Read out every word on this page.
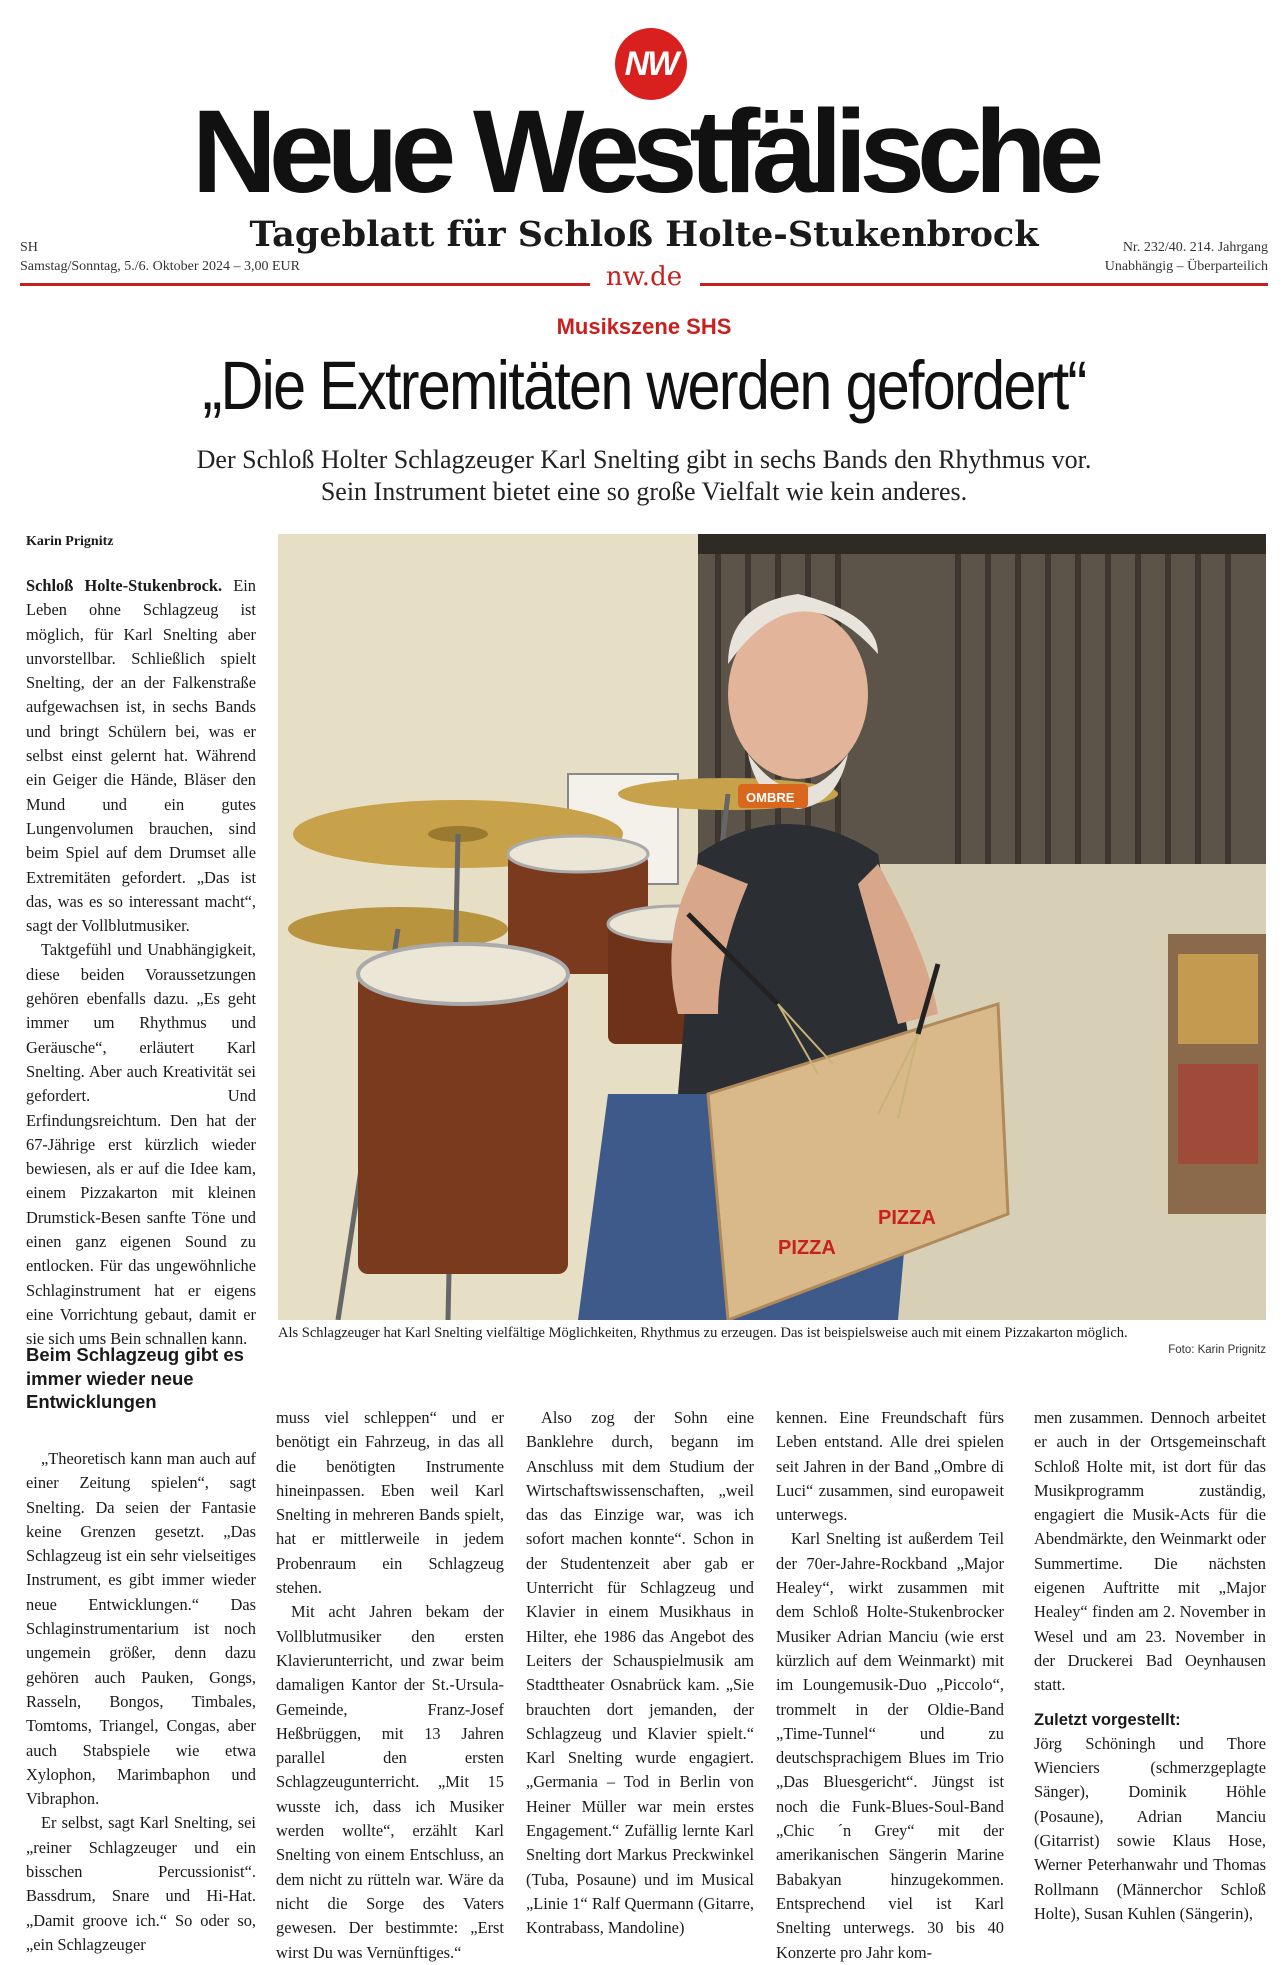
NW
Neue Westfälische
Tageblatt für Schloß Holte-Stukenbrock
SH
Samstag/Sonntag, 5./6. Oktober 2024 – 3,00 EUR
Nr. 232/40. 214. Jahrgang
Unabhängig – Überparteilich
nw.de
Musikszene SHS
„Die Extremitäten werden gefordert“
Der Schloß Holter Schlagzeuger Karl Snelting gibt in sechs Bands den Rhythmus vor.
Sein Instrument bietet eine so große Vielfalt wie kein anderes.
Karin Prignitz

Schloß Holte-Stukenbrock. Ein Leben ohne Schlagzeug ist möglich, für Karl Snelting aber unvorstellbar. Schließlich spielt Snelting, der an der Falkenstraße aufgewachsen ist, in sechs Bands und bringt Schülern bei, was er selbst einst gelernt hat. Während ein Geiger die Hände, Bläser den Mund und ein gutes Lungenvolumen brauchen, sind beim Spiel auf dem Drumset alle Extremitäten gefordert. „Das ist das, was es so interessant macht“, sagt der Vollblutmusiker.

Taktgefühl und Unabhängigkeit, diese beiden Voraussetzungen gehören ebenfalls dazu. „Es geht immer um Rhythmus und Geräusche“, erläutert Karl Snelting. Aber auch Kreativität sei gefordert. Und Erfindungsreichtum. Den hat der 67-Jährige erst kürzlich wieder bewiesen, als er auf die Idee kam, einem Pizzakarton mit kleinen Drumstick-Besen sanfte Töne und einen ganz eigenen Sound zu entlocken. Für das ungewöhnliche Schlaginstrument hat er eigens eine Vorrichtung gebaut, damit er sie sich ums Bein schnallen kann.

Beim Schlagzeug gibt es immer wieder neue Entwicklungen

„Theoretisch kann man auch auf einer Zeitung spielen“, sagt Snelting. Da seien der Fantasie keine Grenzen gesetzt. „Das Schlagzeug ist ein sehr vielseitiges Instrument, es gibt immer wieder neue Entwicklungen.“ Das Schlaginstrumentarium ist noch ungemein größer, denn dazu gehören auch Pauken, Gongs, Rasseln, Bongos, Timbales, Tomtoms, Triangel, Congas, aber auch Stabspiele wie etwa Xylophon, Marimbaphon und Vibraphon.

Er selbst, sagt Karl Snelting, sei „reiner Schlagzeuger und ein bisschen Percussionist“. Bassdrum, Snare und Hi-Hat. „Damit groove ich.“ So oder so, „ein Schlagzeuger

PIZZA
PIZZA
OMBRE
Als Schlagzeuger hat Karl Snelting vielfältige Möglichkeiten, Rhythmus zu erzeugen. Das ist beispielsweise auch mit einem Pizzakarton möglich.
Foto: Karin Prignitz

muss viel schleppen“ und er benötigt ein Fahrzeug, in das all die benötigten Instrumente hineinpassen. Eben weil Karl Snelting in mehreren Bands spielt, hat er mittlerweile in jedem Probenraum ein Schlagzeug stehen.

Mit acht Jahren bekam der Vollblutmusiker den ersten Klavierunterricht, und zwar beim damaligen Kantor der St.-Ursula-Gemeinde, Franz-Josef Heßbrüggen, mit 13 Jahren parallel den ersten Schlagzeugunterricht. „Mit 15 wusste ich, dass ich Musiker werden wollte“, erzählt Karl Snelting von einem Entschluss, an dem nicht zu rütteln war. Wäre da nicht die Sorge des Vaters gewesen. Der bestimmte: „Erst wirst Du was Vernünftiges.“

Also zog der Sohn eine Banklehre durch, begann im Anschluss mit dem Studium der Wirtschaftswissenschaften, „weil das das Einzige war, was ich sofort machen konnte“. Schon in der Studentenzeit aber gab er Unterricht für Schlagzeug und Klavier in einem Musikhaus in Hilter, ehe 1986 das Angebot des Leiters der Schauspielmusik am Stadttheater Osnabrück kam. „Sie brauchten dort jemanden, der Schlagzeug und Klavier spielt.“ Karl Snelting wurde engagiert. „Germania – Tod in Berlin von Heiner Müller war mein erstes Engagement.“ Zufällig lernte Karl Snelting dort Markus Preckwinkel (Tuba, Posaune) und im Musical „Linie 1“ Ralf Quermann (Gitarre, Kontrabass, Mandoline)

kennen. Eine Freundschaft fürs Leben entstand. Alle drei spielen seit Jahren in der Band „Ombre di Luci“ zusammen, sind europaweit unterwegs.

Karl Snelting ist außerdem Teil der 70er-Jahre-Rockband „Major Healey“, wirkt zusammen mit dem Schloß Holte-Stukenbrocker Musiker Adrian Manciu (wie erst kürzlich auf dem Weinmarkt) mit im Loungemusik-Duo „Piccolo“, trommelt in der Oldie-Band „Time-Tunnel“ und zu deutschsprachigem Blues im Trio „Das Bluesgericht“. Jüngst ist noch die Funk-Blues-Soul-Band „Chic ´n Grey“ mit der amerikanischen Sängerin Marine Babakyan hinzugekommen. Entsprechend viel ist Karl Snelting unterwegs. 30 bis 40 Konzerte pro Jahr kom-

men zusammen. Dennoch arbeitet er auch in der Ortsgemeinschaft Schloß Holte mit, ist dort für das Musikprogramm zuständig, engagiert die Musik-Acts für die Abendmärkte, den Weinmarkt oder Summertime. Die nächsten eigenen Auftritte mit „Major Healey“ finden am 2. November in Wesel und am 23. November in der Druckerei Bad Oeynhausen statt.

Zuletzt vorgestellt:

Jörg Schöningh und Thore Wienciers (schmerzgeplagte Sänger), Dominik Höhle (Posaune), Adrian Manciu (Gitarrist) sowie Klaus Hose, Werner Peterhanwahr und Thomas Rollmann (Männerchor Schloß Holte), Susan Kuhlen (Sängerin),
